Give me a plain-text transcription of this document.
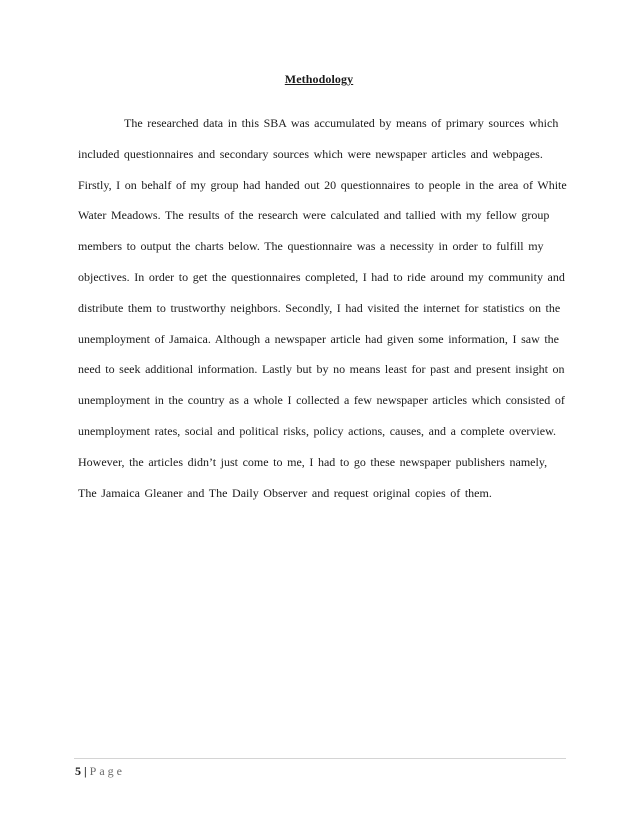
Methodology
The researched data in this SBA was accumulated by means of primary sources which
included questionnaires and secondary sources which were newspaper articles and webpages.
Firstly, I on behalf of my group had handed out 20 questionnaires to people in the area of White
Water Meadows. The results of the research were calculated and tallied with my fellow group
members to output the charts below. The questionnaire was a necessity in order to fulfill my
objectives. In order to get the questionnaires completed, I had to ride around my community and
distribute them to trustworthy neighbors. Secondly, I had visited the internet for statistics on the
unemployment of Jamaica. Although a newspaper article had given some information, I saw the
need to seek additional information. Lastly but by no means least for past and present insight on
unemployment in the country as a whole I collected a few newspaper articles which consisted of
unemployment rates, social and political risks, policy actions, causes, and a complete overview.
However, the articles didn’t just come to me, I had to go these newspaper publishers namely,
The Jamaica Gleaner and The Daily Observer and request original copies of them.
5 | Page
